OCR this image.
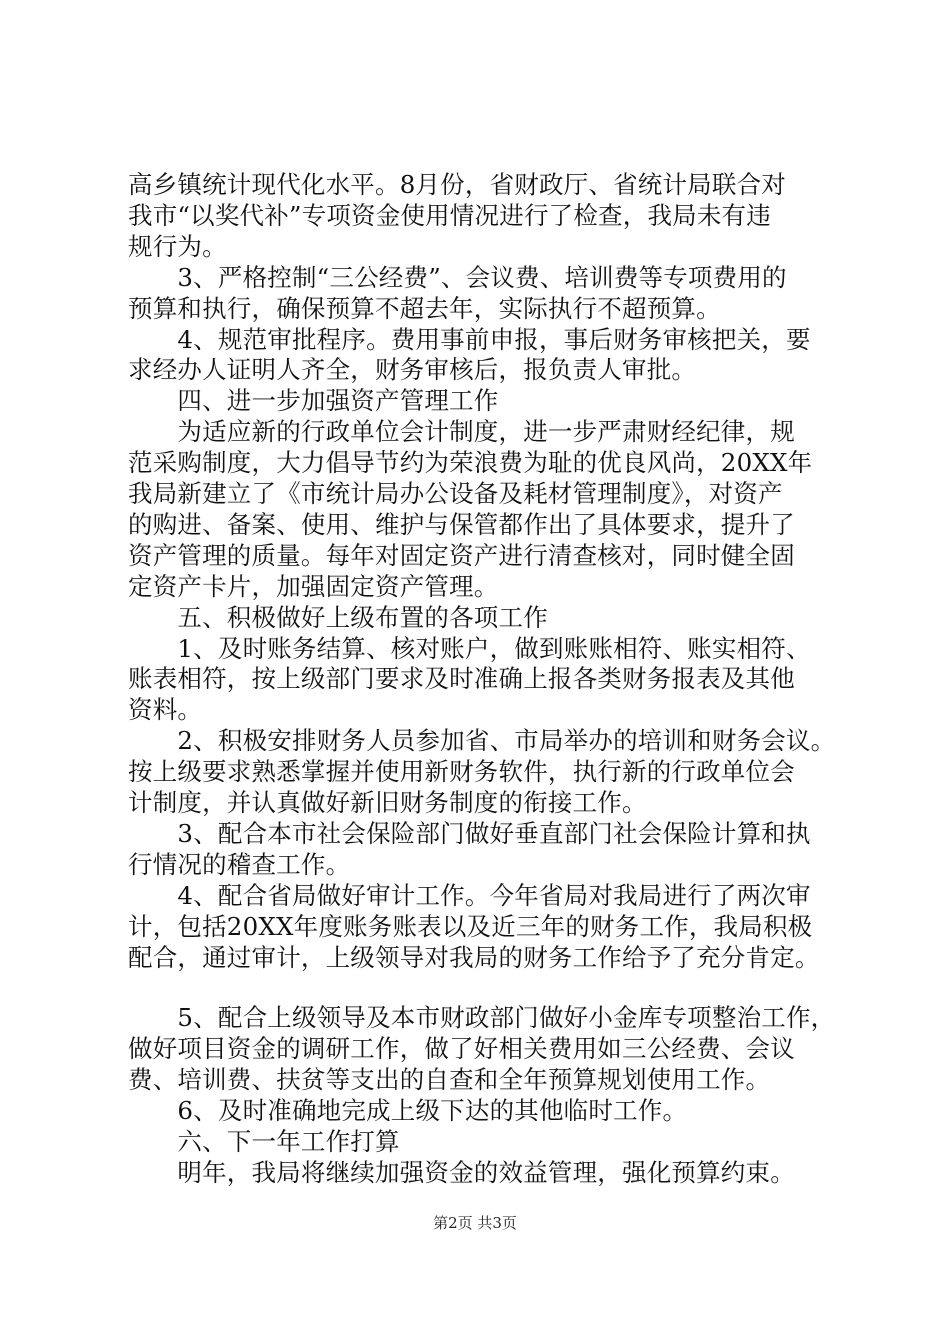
高乡镇统计现代化水平。8月份，省财政厅、省统计局联合对
我市“以奖代补”专项资金使用情况进行了检查，我局未有违
规行为。
　　3、严格控制“三公经费”、会议费、培训费等专项费用的
预算和执行，确保预算不超去年，实际执行不超预算。
　　4、规范审批程序。费用事前申报，事后财务审核把关，要
求经办人证明人齐全，财务审核后，报负责人审批。
　　四、进一步加强资产管理工作
　　为适应新的行政单位会计制度，进一步严肃财经纪律，规
范采购制度，大力倡导节约为荣浪费为耻的优良风尚，20XX年
我局新建立了《市统计局办公设备及耗材管理制度》，对资产
的购进、备案、使用、维护与保管都作出了具体要求，提升了
资产管理的质量。每年对固定资产进行清查核对，同时健全固
定资产卡片，加强固定资产管理。
　　五、积极做好上级布置的各项工作
　　1、及时账务结算、核对账户，做到账账相符、账实相符、
账表相符，按上级部门要求及时准确上报各类财务报表及其他
资料。
　　2、积极安排财务人员参加省、市局举办的培训和财务会议。
按上级要求熟悉掌握并使用新财务软件，执行新的行政单位会
计制度，并认真做好新旧财务制度的衔接工作。
　　3、配合本市社会保险部门做好垂直部门社会保险计算和执
行情况的稽查工作。
　　4、配合省局做好审计工作。今年省局对我局进行了两次审
计，包括20XX年度账务账表以及近三年的财务工作，我局积极
配合，通过审计，上级领导对我局的财务工作给予了充分肯定。
　　5、配合上级领导及本市财政部门做好小金库专项整治工作，
做好项目资金的调研工作，做了好相关费用如三公经费、会议
费、培训费、扶贫等支出的自查和全年预算规划使用工作。
　　6、及时准确地完成上级下达的其他临时工作。
　　六、下一年工作打算
　　明年，我局将继续加强资金的效益管理，强化预算约束。
第2页 共3页
